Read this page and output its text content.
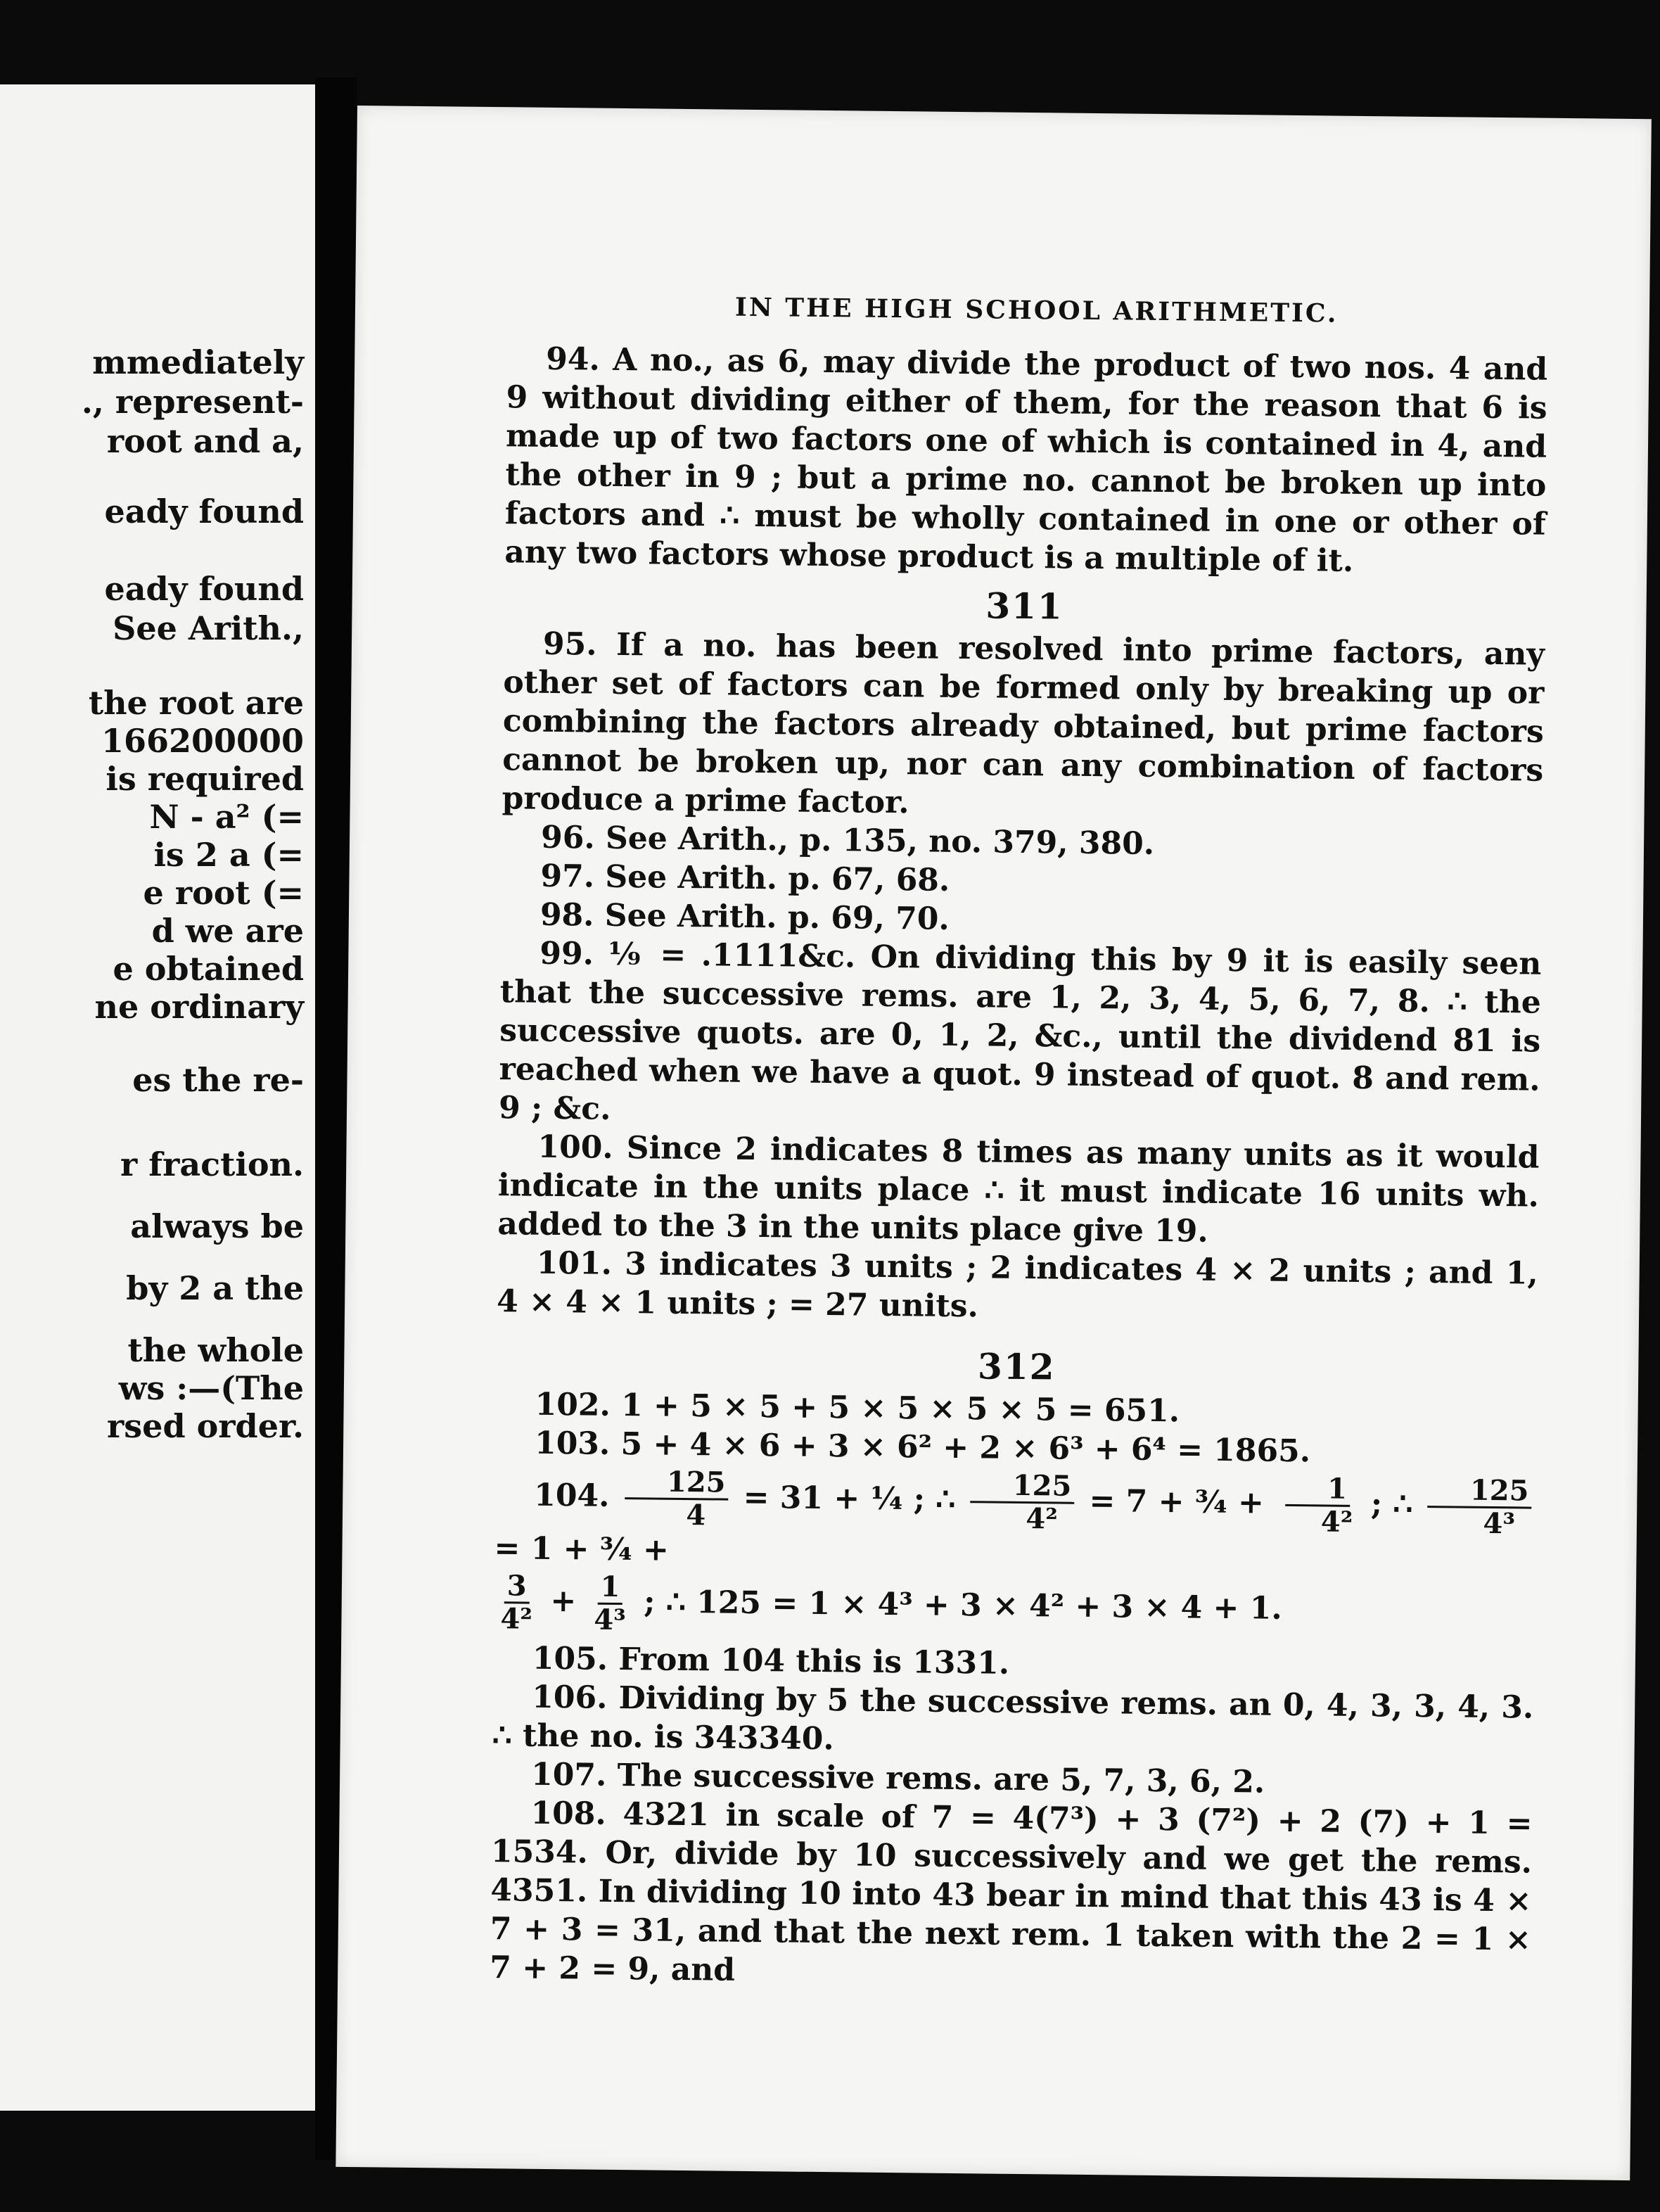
mmediately
., represent-
root and a,
eady found
eady found
See Arith.,
the root are
166200000
is required
N - a² (=
is 2 a (=
e root (=
d we are
e obtained
ne ordinary
es the re-
r fraction.
always be
by 2 a the
the whole
ws :—(The
rsed order.
IN THE HIGH SCHOOL ARITHMETIC.

94. A no., as 6, may divide the product of two nos. 4 and 9 without dividing either of them, for the reason that 6 is made up of two factors one of which is contained in 4, and the other in 9 ; but a prime no. cannot be broken up into factors and ∴ must be wholly contained in one or other of any two factors whose product is a multiple of it.

311

95. If a no. has been resolved into prime factors, any other set of factors can be formed only by breaking up or combining the factors already obtained, but prime factors cannot be broken up, nor can any combination of factors produce a prime factor.

96. See Arith., p. 135, no. 379, 380.

97. See Arith. p. 67, 68.

98. See Arith. p. 69, 70.

99. ⅑ = .1111&c. On dividing this by 9 it is easily seen that the successive rems. are 1, 2, 3, 4, 5, 6, 7, 8. ∴ the successive quots. are 0, 1, 2, &c., until the dividend 81 is reached when we have a quot. 9 instead of quot. 8 and rem. 9 ; &c.

100. Since 2 indicates 8 times as many units as it would indicate in the units place ∴ it must indicate 16 units wh. added to the 3 in the units place give 19.

101. 3 indicates 3 units ; 2 indicates 4 × 2 units ; and 1, 4 × 4 × 1 units ; = 27 units.

312

102. 1 + 5 × 5 + 5 × 5 × 5 × 5 = 651.

103. 5 + 4 × 6 + 3 × 6² + 2 × 6³ + 6⁴ = 1865.

104. $\frac{125}{4} = 31$ + ¼ ; ∴ $\frac{125}{\text{4²}} = 7$ + ¾ + $\frac{1}{\text{4²}}$ ; ∴ $\frac{125}{\text{4³}}$
= 1 + ¾ +
$\frac{3}{\text{4²}} + \frac{1}{\text{4³}}$ ; ∴ 125 = 1 × 4³ + 3 × 4² + 3 × 4 + 1.

105. From 104 this is 1331.

106. Dividing by 5 the successive rems. an 0, 4, 3, 3, 4, 3. ∴ the no. is 343340.

107. The successive rems. are 5, 7, 3, 6, 2.

108. 4321 in scale of 7 = 4(7³) + 3 (7²) + 2 (7) + 1 = 1534. Or, divide by 10 successively and we get the rems. 4351. In dividing 10 into 43 bear in mind that this 43 is 4 × 7 + 3 = 31, and that the next rem. 1 taken with the 2 = 1 × 7 + 2 = 9, and
